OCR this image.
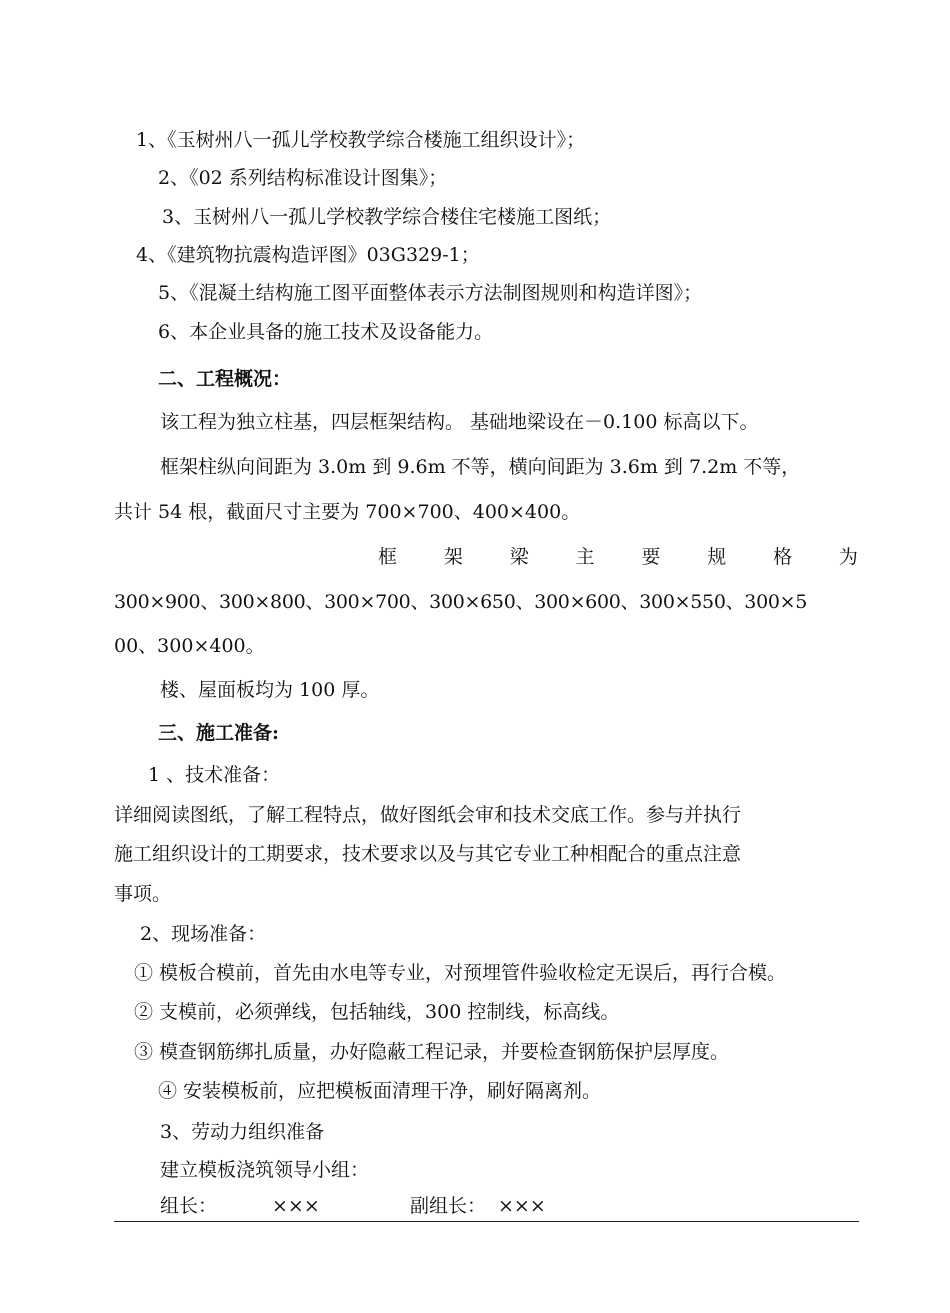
1、《玉树州八一孤儿学校教学综合楼施工组织设计》；
2、《02 系列结构标准设计图集》；
3、玉树州八一孤儿学校教学综合楼住宅楼施工图纸；
4、《建筑物抗震构造评图》03G329-1；
5、《混凝土结构施工图平面整体表示方法制图规则和构造详图》；
6、本企业具备的施工技术及设备能力。
二、工程概况：
该工程为独立柱基，四层框架结构。 基础地梁设在－0.100 标高以下。
框架柱纵向间距为 3.0m 到 9.6m 不等，横向间距为 3.6m 到 7.2m 不等，
共计 54 根，截面尺寸主要为 700×700、400×400。
框 架 梁 主 要 规 格 为
300×900、300×800、300×700、300×650、300×600、300×550、300×5
00、300×400。
楼、屋面板均为 100 厚。
三、施工准备:
1 、技术准备：
详细阅读图纸，了解工程特点，做好图纸会审和技术交底工作。参与并执行
施工组织设计的工期要求，技术要求以及与其它专业工种相配合的重点注意
事项。
2、现场准备：
① 模板合模前，首先由水电等专业，对预埋管件验收检定无误后，再行合模。
② 支模前，必须弹线，包括轴线，300 控制线，标高线。
③ 模查钢筋绑扎质量，办好隐蔽工程记录，并要检查钢筋保护层厚度。
④ 安装模板前，应把模板面清理干净，刷好隔离剂。
3、劳动力组织准备
建立模板浇筑领导小组：
组长：	×××	副组长： ×××
